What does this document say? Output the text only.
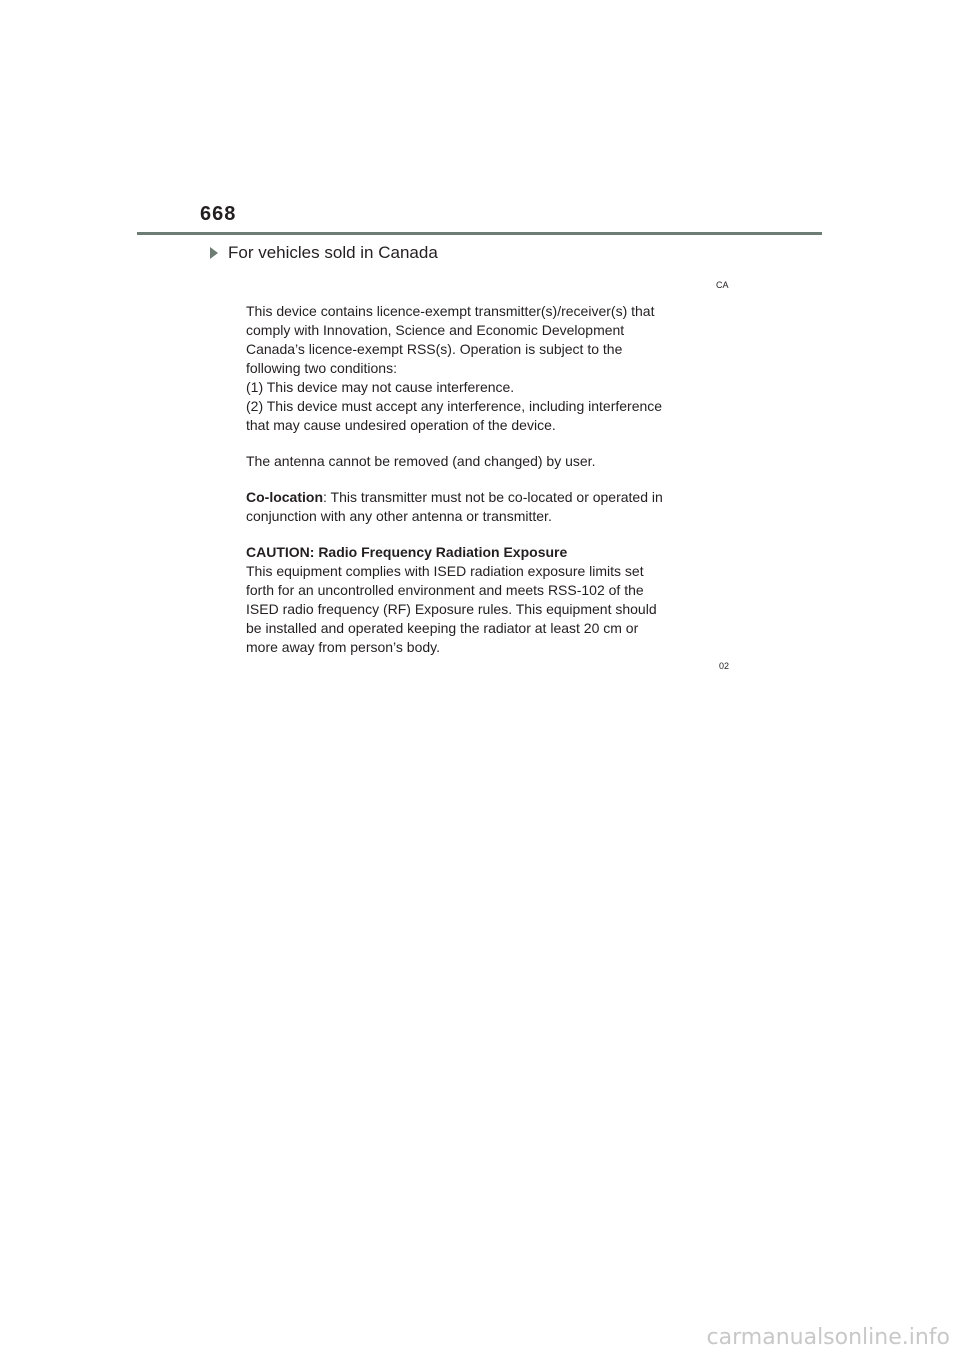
668
For vehicles sold in Canada
CA

This device contains licence-exempt transmitter(s)/receiver(s) that

comply with Innovation, Science and Economic Development

Canada’s licence-exempt RSS(s). Operation is subject to the

following two conditions:

(1) This device may not cause interference.

(2) This device must accept any interference, including interference

that may cause undesired operation of the device.

The antenna cannot be removed (and changed) by user.

Co-location: This transmitter must not be co-located or operated in

conjunction with any other antenna or transmitter.

CAUTION: Radio Frequency Radiation Exposure

This equipment complies with ISED radiation exposure limits set

forth for an uncontrolled environment and meets RSS-102 of the

ISED radio frequency (RF) Exposure rules. This equipment should

be installed and operated keeping the radiator at least 20 cm or

more away from person’s body.

02
carmanualsonline.info
